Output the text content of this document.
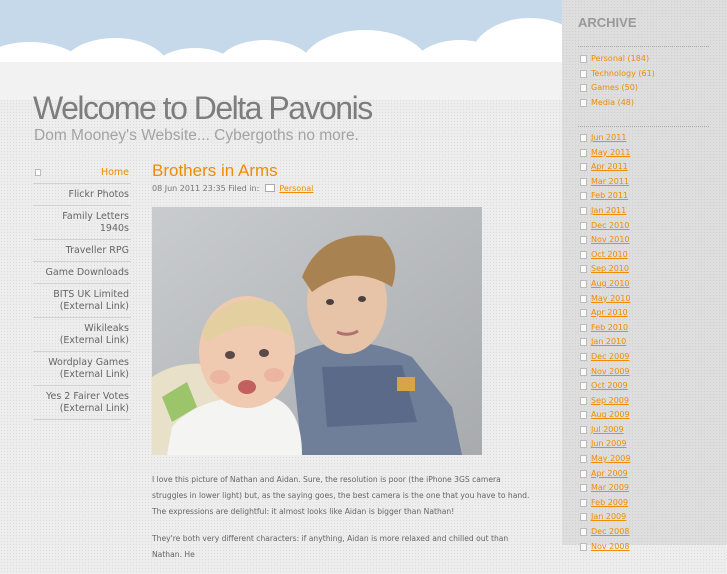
Welcome to Delta Pavonis
Dom Mooney's Website... Cybergoths no more.
Home
Flickr Photos
Family Letters 1940s
Traveller RPG
Game Downloads
BITS UK Limited (External Link)
Wikileaks (External Link)
Wordplay Games (External Link)
Yes 2 Fairer Votes (External Link)
Brothers in Arms
08 Jun 2011 23:35 Filed in:	Personal

I love this picture of Nathan and Aidan. Sure, the resolution is poor (the iPhone 3GS camera struggles in lower light) but, as the saying goes, the best camera is the one that you have to hand. The expressions are delightful: it almost looks like Aidan is bigger than Nathan!

They're both very different characters: if anything, Aidan is more relaxed and chilled out than Nathan. He

ARCHIVE
Personal (184)
Technology (61)
Games (50)
Media (48)
Jun 2011
May 2011
Apr 2011
Mar 2011
Feb 2011
Jan 2011
Dec 2010
Nov 2010
Oct 2010
Sep 2010
Aug 2010
May 2010
Apr 2010
Feb 2010
Jan 2010
Dec 2009
Nov 2009
Oct 2009
Sep 2009
Aug 2009
Jul 2009
Jun 2009
May 2009
Apr 2009
Mar 2009
Feb 2009
Jan 2009
Dec 2008
Nov 2008
